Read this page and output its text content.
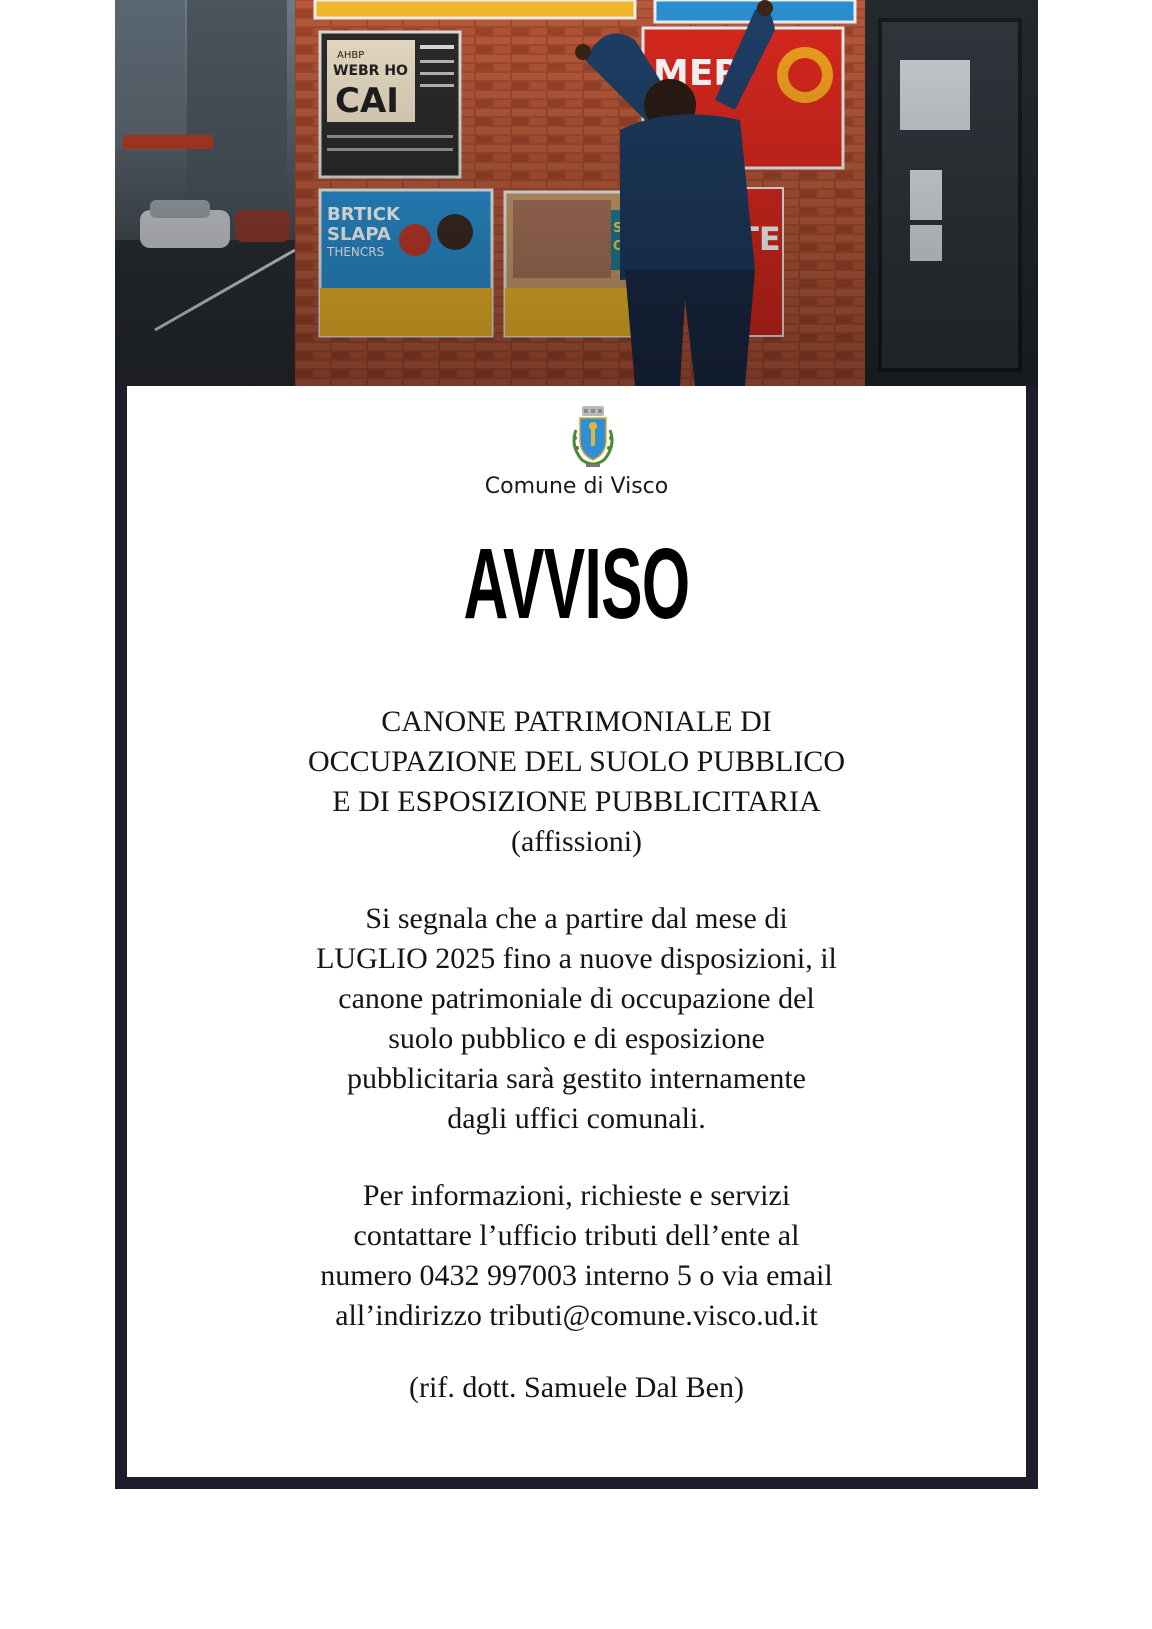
Comune di Visco
AVVISO
CANONE PATRIMONIALE DI
OCCUPAZIONE DEL SUOLO PUBBLICO
E DI ESPOSIZIONE PUBBLICITARIA
(affissioni)
Si segnala che a partire dal mese di
LUGLIO 2025 fino a nuove disposizioni, il
canone patrimoniale di occupazione del
suolo pubblico e di esposizione
pubblicitaria sarà gestito internamente
dagli uffici comunali.
Per informazioni, richieste e servizi
contattare l’ufficio tributi dell’ente al
numero 0432 997003 interno 5 o via email
all’indirizzo tributi@comune.visco.ud.it
(rif. dott. Samuele Dal Ben)
